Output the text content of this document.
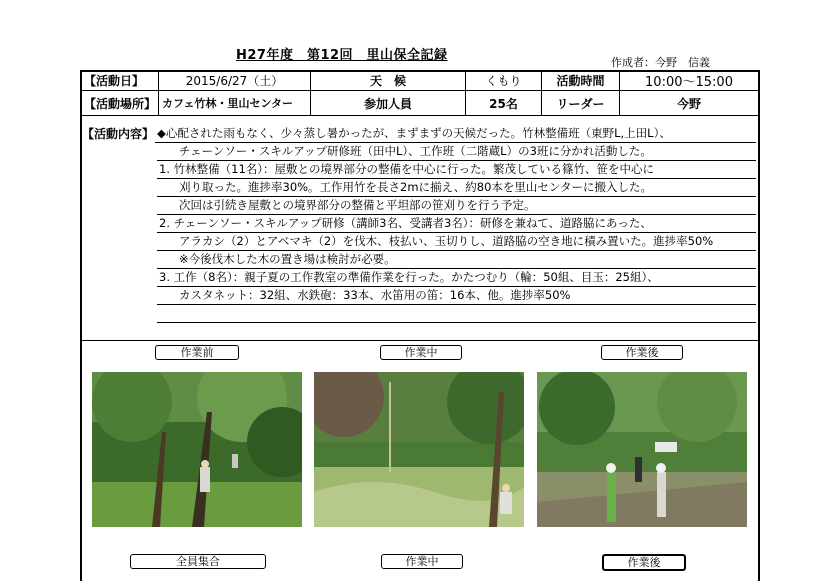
H27年度　第12回　里山保全記録	作成者：今野　信義
【活動日】	2015/6/27（土）	天　候	くもり	活動時間	10:00～15:00
【活動場所】	カフェ竹林・里山センター	参加人員	25名	リーダー	今野
【活動内容】 ◆心配された雨もなく、少々蒸し暑かったが、まずまずの天候だった。竹林整備班（東野L,上田L）、
チェーンソー・スキルアップ研修班（田中L）、工作班（二階蔵L）の3班に分かれ活動した。
1. 竹林整備（11名）：屋敷との境界部分の整備を中心に行った。繁茂している篠竹、笹を中心に
刈り取った。進捗率30%。工作用竹を長さ2mに揃え、約80本を里山センターに搬入した。
次回は引続き屋敷との境界部分の整備と平坦部の笹刈りを行う予定。
2. チェーンソー・スキルアップ研修（講師3名、受講者3名）：研修を兼ねて、道路脇にあった、
アラカシ（2）とアベマキ（2）を伐木、枝払い、玉切りし、道路脇の空き地に積み置いた。進捗率50%
※今後伐木した木の置き場は検討が必要。
3. 工作（8名）：親子夏の工作教室の準備作業を行った。かたつむり（輪：50組、目玉：25組）、
カスタネット：32組、水鉄砲：33本、水笛用の笛：16本、他。進捗率50%
作業前	作業中	作業後
全員集合	作業中	作業後
